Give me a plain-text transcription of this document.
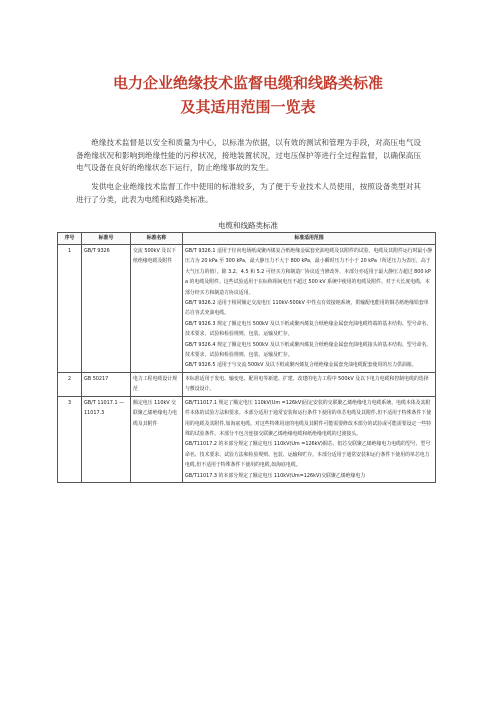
电力企业绝缘技术监督电缆和线路类标准
及其适用范围一览表
绝缘技术监督是以安全和质量为中心，以标准为依据，以有效的测试和管理为手段，对高压电气设备绝缘状况和影响到绝缘性能的污秽状况，接地装置状况，过电压保护等进行全过程监督，以确保高压电气设备在良好的绝缘状态下运行，防止绝缘事故的发生。
发供电企业绝缘技术监督工作中使用的标准较多，为了便于专业技术人员使用，按照设备类型对其进行了分类，此表为电缆和线路类标准。
电缆和线路类标准
序号	标准号	标准名称	标准适用范围
1	GB/T 9326	交流 500kV 及以下纸绝缘电缆及附件	GB/T 9326.1 适用于径向电场纸或聚丙烯复合纸绝缘金属套充油电缆及其附件的试验，电缆及其附件运行时最小静压力为 20 kPa 至 300 kPa，最大静压力不大于 800 kPa，最小瞬时压力不小于 20 kPa（所述压力为表压，高于大气压力的值）。除 3.2、4.5 和 5.2 可经买方和制造厂协议适当修改外，本部分亦适用于最大静压力超过 800 kPa 的电缆及附件。这些试验适用于在标称相间电压不超过 500 kV 系统中使用的电缆及附件。对于大长度电缆，本部分经买方和制造方协议适用。
GB/T 9326.2 适用于相同额定交流电压 110kV-500kV 中性点有效接地系统，供输配电能用的铜芯纸绝缘铅套单芯自容式充油电缆。
GB/T 9326.3 规定了额定电压 500kV 及以下纸或聚丙烯复合纸绝缘金属套充油电缆终端的基本结构、型号命名、技术要求、试验和检验规则、包装、运输及贮存。
GB/T 9326.4 规定了额定电压 500kV 及以下纸或聚丙烯复合纸绝缘金属套充油电缆接头的基本结构、型号命名、技术要求、试验和检验规则、包装、运输及贮存。
GB/T 9326.5 适用于与交流 500kV 及以下纸或聚丙烯复合纸绝缘金属套充油电缆配套使用的压力供油箱。

2	GB 50217	电力工程电缆设计规范	本标准适用于发电、输变电、配用电等新建、扩建、改建的电力工程中 500kV 及以下电力电缆和控制电缆的选择与敷设设计。

3	GB/T 11017.1 — 11017.3	额定电压 110kV 交联聚乙烯绝缘电力电缆及其附件	GB/T11017.1 规定了额定电压 110kV(Um =126kV)固定安装的交联聚乙烯绝缘电力电缆系统、电缆本体及其附件本体的试验方法和要求。本部分适用于通常安装和运行条件下使用的单芯电缆及其附件,但不适用于特殊条件下使用的电缆及其附件,如海底电缆。对这些特殊用途的电缆及其附件可能需要修改本部分的试验或可能需要设定一些特殊的试验条件。本部分不包含连接交联聚乙烯绝缘电缆和纸绝缘电缆的过渡接头。
GB/T11017.2 的本部分规定了额定电压 110kV(Um =126kV)铜芯、铝芯交联聚乙烯绝缘电力电缆的型号、型号命名、技术要求、试验方法和检验规则、包装、运输和贮存。本部分适用于通常安装和运行条件下使用的单芯电力电缆,但不适用于特殊条件下使用的电缆,如海底电缆。
GB/T11017.3 的本部分规定了额定电压 110kV(Um=126kV)交联聚乙烯绝缘电力
